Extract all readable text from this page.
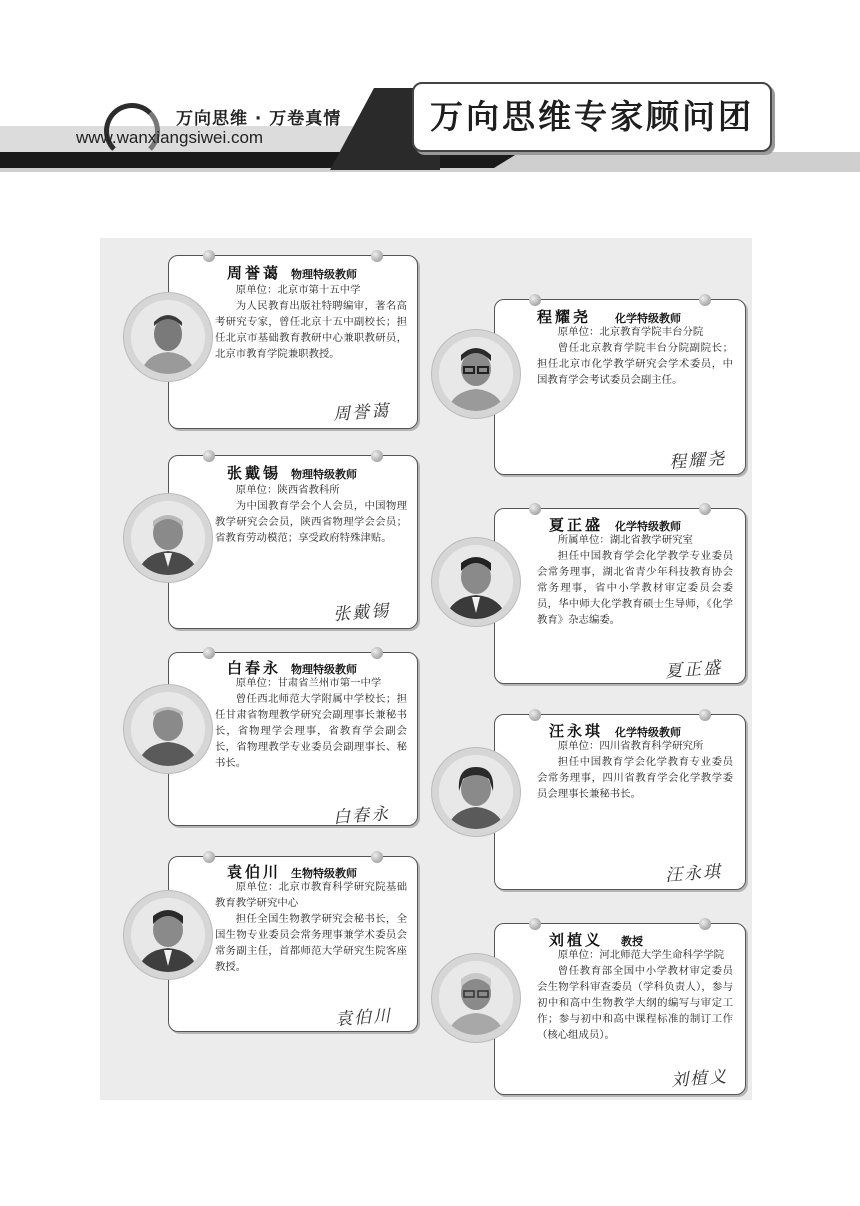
万向思维 · 万卷真情
www.wanxiangsiwei.com
万向思维专家顾问团
周誉蔼 物理特级教师

原单位：北京市第十五中学

为人民教育出版社特聘编审，著名高考研究专家，曾任北京十五中副校长；担任北京市基础教育教研中心兼职教研员，北京市教育学院兼职教授。

周誉蔼
张戴锡 物理特级教师

原单位：陕西省教科所

为中国教育学会个人会员，中国物理教学研究会会员，陕西省物理学会会员；省教育劳动模范；享受政府特殊津贴。

张戴锡
白春永 物理特级教师

原单位：甘肃省兰州市第一中学

曾任西北师范大学附属中学校长；担任甘肃省物理教学研究会副理事长兼秘书长，省物理学会理事，省教育学会副会长，省物理教学专业委员会副理事长、秘书长。

白春永
袁伯川 生物特级教师

原单位：北京市教育科学研究院基础教育教学研究中心

担任全国生物教学研究会秘书长，全国生物专业委员会常务理事兼学术委员会常务副主任，首都师范大学研究生院客座教授。

袁伯川
程耀尧 化学特级教师

原单位：北京教育学院丰台分院

曾任北京教育学院丰台分院副院长；担任北京市化学教学研究会学术委员，中国教育学会考试委员会副主任。

程耀尧
夏正盛 化学特级教师

所属单位：湖北省教学研究室

担任中国教育学会化学教学专业委员会常务理事，湖北省青少年科技教育协会常务理事，省中小学教材审定委员会委员，华中师大化学教育硕士生导师，《化学教育》杂志编委。

夏正盛
汪永琪 化学特级教师

原单位：四川省教育科学研究所

担任中国教育学会化学教育专业委员会常务理事，四川省教育学会化学教学委员会理事长兼秘书长。

汪永琪
刘植义 教授

原单位：河北师范大学生命科学学院

曾任教育部全国中小学教材审定委员会生物学科审查委员（学科负责人），参与初中和高中生物教学大纲的编写与审定工作；参与初中和高中课程标准的制订工作（核心组成员）。

刘植义
